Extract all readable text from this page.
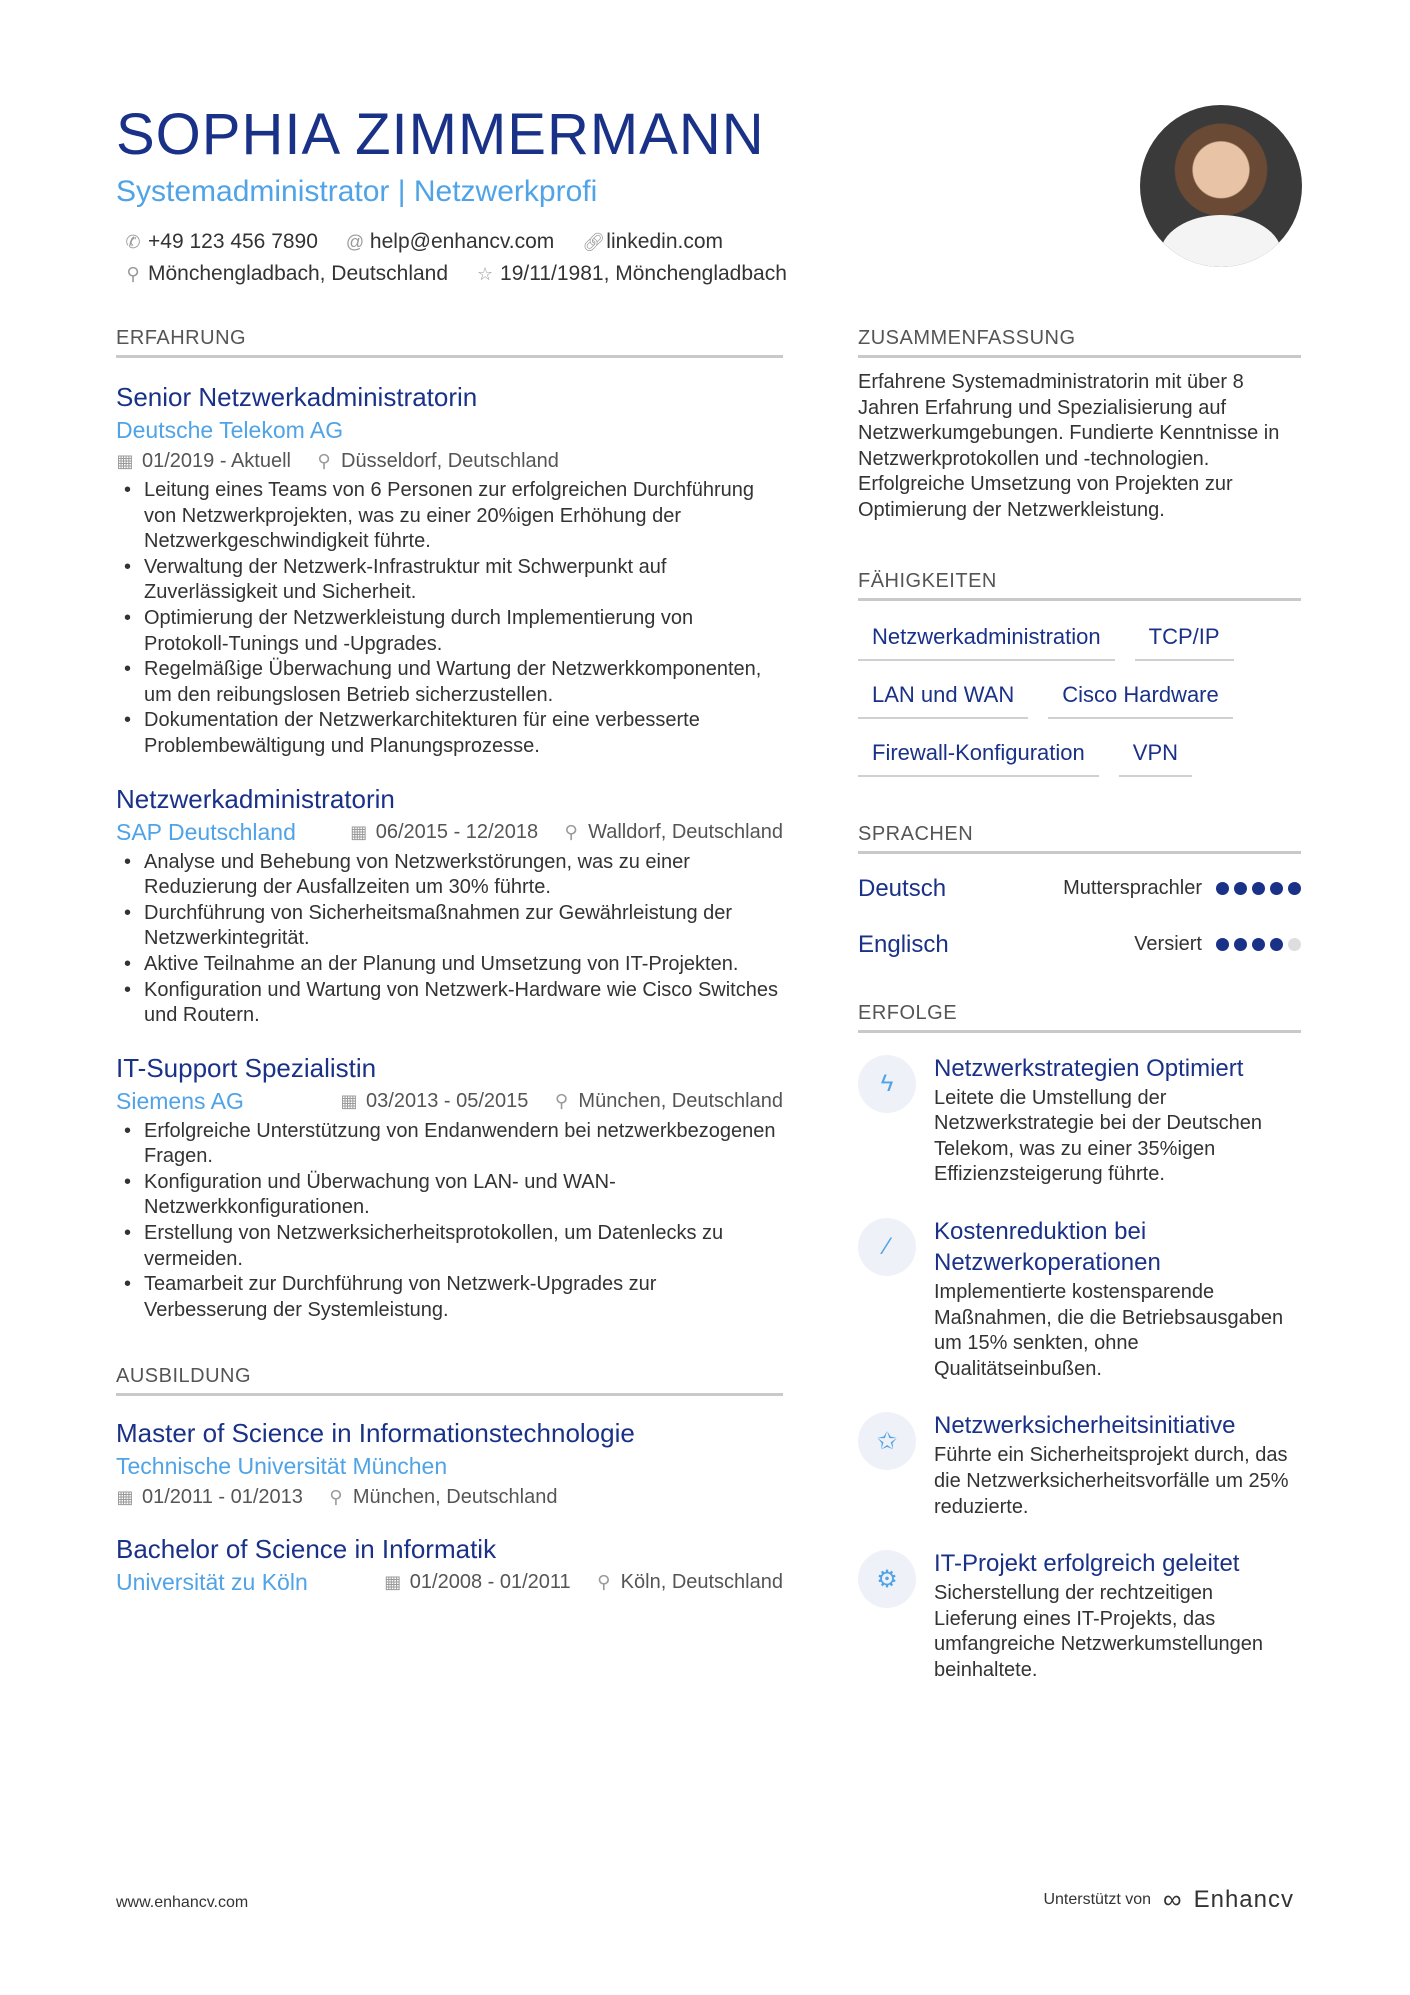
SOPHIA ZIMMERMANN
Systemadministrator | Netzwerkprofi
✆ +49 123 456 7890 @ help@enhancv.com 🔗︎ linkedin.com
⚲ Mönchengladbach, Deutschland ☆ 19/11/1981, Mönchengladbach
ERFAHRUNG
Senior Netzwerkadministratorin
Deutsche Telekom AG
▦ 01/2019 - Aktuell ⚲ Düsseldorf, Deutschland
• Leitung eines Teams von 6 Personen zur erfolgreichen Durchführung von Netzwerkprojekten, was zu einer 20%igen Erhöhung der Netzwerkgeschwindigkeit führte.
• Verwaltung der Netzwerk-Infrastruktur mit Schwerpunkt auf Zuverlässigkeit und Sicherheit.
• Optimierung der Netzwerkleistung durch Implementierung von Protokoll-Tunings und -Upgrades.
• Regelmäßige Überwachung und Wartung der Netzwerkkomponenten, um den reibungslosen Betrieb sicherzustellen.
• Dokumentation der Netzwerkarchitekturen für eine verbesserte Problembewältigung und Planungsprozesse.
Netzwerkadministratorin
SAP Deutschland	▦ 06/2015 - 12/2018 ⚲ Walldorf, Deutschland
• Analyse und Behebung von Netzwerkstörungen, was zu einer Reduzierung der Ausfallzeiten um 30% führte.
• Durchführung von Sicherheitsmaßnahmen zur Gewährleistung der Netzwerkintegrität.
• Aktive Teilnahme an der Planung und Umsetzung von IT-Projekten.
• Konfiguration und Wartung von Netzwerk-Hardware wie Cisco Switches und Routern.
IT-Support Spezialistin
Siemens AG	▦ 03/2013 - 05/2015 ⚲ München, Deutschland
• Erfolgreiche Unterstützung von Endanwendern bei netzwerkbezogenen Fragen.
• Konfiguration und Überwachung von LAN- und WAN-Netzwerkkonfigurationen.
• Erstellung von Netzwerksicherheitsprotokollen, um Datenlecks zu vermeiden.
• Teamarbeit zur Durchführung von Netzwerk-Upgrades zur Verbesserung der Systemleistung.
AUSBILDUNG
Master of Science in Informationstechnologie
Technische Universität München
▦ 01/2011 - 01/2013 ⚲ München, Deutschland
Bachelor of Science in Informatik
Universität zu Köln	▦ 01/2008 - 01/2011 ⚲ Köln, Deutschland
ZUSAMMENFASSUNG

Erfahrene Systemadministratorin mit über 8 Jahren Erfahrung und Spezialisierung auf Netzwerkumgebungen. Fundierte Kenntnisse in Netzwerkprotokollen und -technologien. Erfolgreiche Umsetzung von Projekten zur Optimierung der Netzwerkleistung.

FÄHIGKEITEN
Netzwerkadministration	TCP/IP
LAN und WAN	Cisco Hardware
Firewall-Konfiguration	VPN
SPRACHEN
Deutsch	Muttersprachler
Englisch	Versiert
ERFOLGE
ϟ
Netzwerkstrategien Optimiert
Leitete die Umstellung der Netzwerkstrategie bei der Deutschen Telekom, was zu einer 35%igen Effizienzsteigerung führte.
⁄
Kostenreduktion bei Netzwerkoperationen
Implementierte kostensparende Maßnahmen, die die Betriebsausgaben um 15% senkten, ohne Qualitätseinbußen.
✩
Netzwerksicherheitsinitiative
Führte ein Sicherheitsprojekt durch, das die Netzwerksicherheitsvorfälle um 25% reduzierte.
⚙
IT-Projekt erfolgreich geleitet
Sicherstellung der rechtzeitigen Lieferung eines IT-Projekts, das umfangreiche Netzwerkumstellungen beinhaltete.
www.enhancv.com	Unterstützt von ∞ Enhancv
